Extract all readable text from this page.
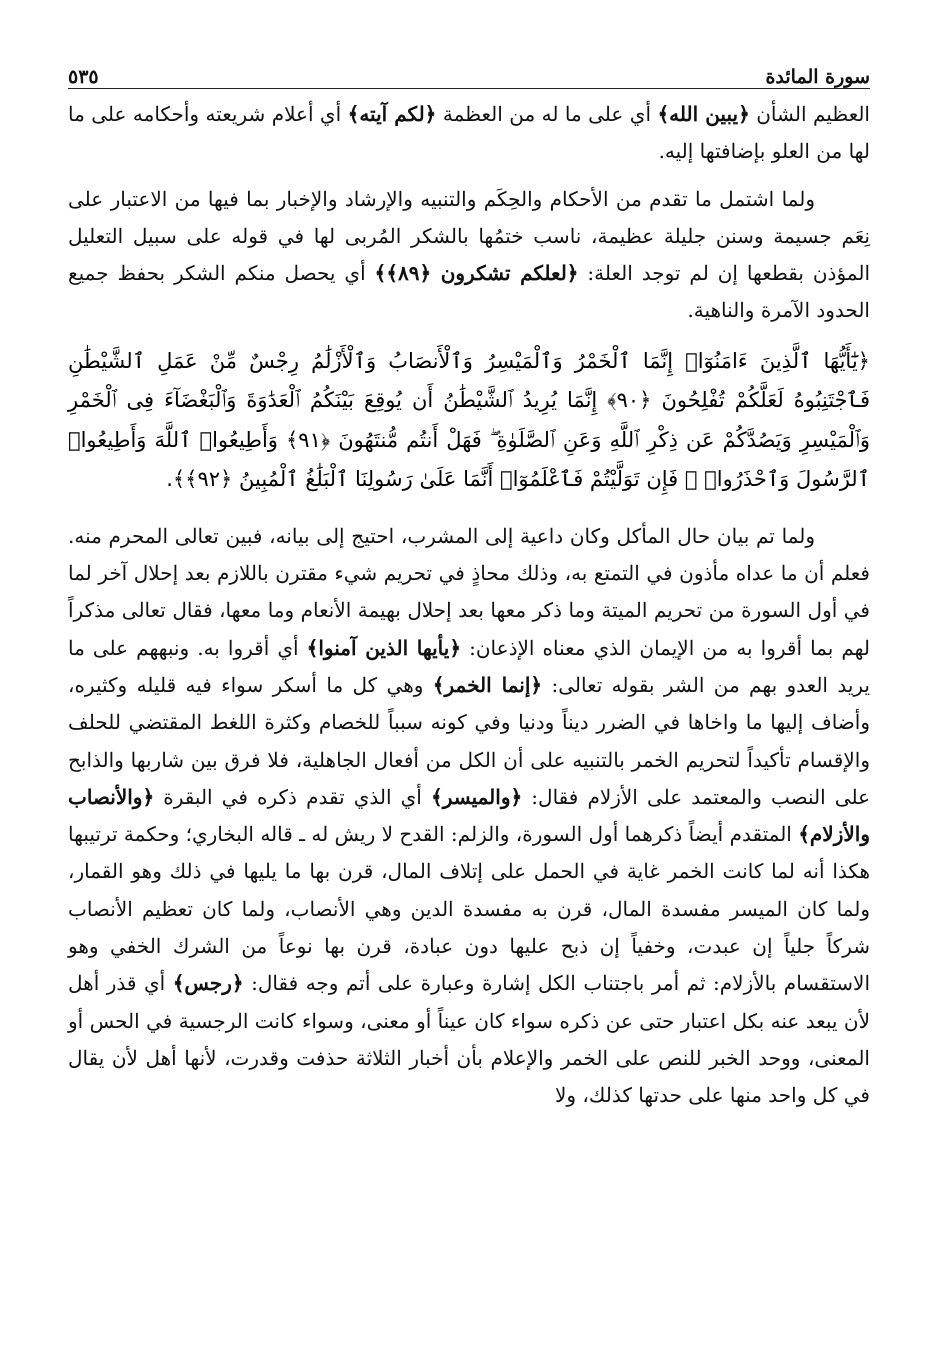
سورة المائدة
٥٣٥

العظيم الشأن ﴿يبين الله﴾ أي على ما له من العظمة ﴿لكم آيته﴾ أي أعلام شريعته وأحكامه على ما لها من العلو بإضافتها إليه.

ولما اشتمل ما تقدم من الأحكام والحِكَم والتنبيه والإرشاد والإخبار بما فيها من الاعتبار على نِعَم جسيمة وسنن جليلة عظيمة، ناسب ختمُها بالشكر المُربى لها في قوله على سبيل التعليل المؤذن بقطعها إن لم توجد العلة: ﴿لعلكم تشكرون ﴿٨٩﴾﴾ أي يحصل منكم الشكر بحفظ جميع الحدود الآمرة والناهية.

﴿يَٰٓأَيُّهَا ٱلَّذِينَ ءَامَنُوٓا۟ إِنَّمَا ٱلْخَمْرُ وَٱلْمَيْسِرُ وَٱلْأَنصَابُ وَٱلْأَزْلَٰمُ رِجْسٌ مِّنْ عَمَلِ ٱلشَّيْطَٰنِ فَٱجْتَنِبُوهُ لَعَلَّكُمْ تُفْلِحُونَ ﴿٩٠﴾ إِنَّمَا يُرِيدُ ٱلشَّيْطَٰنُ أَن يُوقِعَ بَيْنَكُمُ ٱلْعَدَٰوَةَ وَٱلْبَغْضَآءَ فِى ٱلْخَمْرِ وَٱلْمَيْسِرِ وَيَصُدَّكُمْ عَن ذِكْرِ ٱللَّهِ وَعَنِ ٱلصَّلَوٰةِ ۖ فَهَلْ أَنتُم مُّنتَهُونَ ﴿٩١﴾ وَأَطِيعُوا۟ ٱللَّهَ وَأَطِيعُوا۟ ٱلرَّسُولَ وَٱحْذَرُوا۟ ۚ فَإِن تَوَلَّيْتُمْ فَٱعْلَمُوٓا۟ أَنَّمَا عَلَىٰ رَسُولِنَا ٱلْبَلَٰغُ ٱلْمُبِينُ ﴿٩٢﴾﴾.

ولما تم بيان حال المأكل وكان داعية إلى المشرب، احتيج إلى بيانه، فبين تعالى المحرم منه. فعلم أن ما عداه مأذون في التمتع به، وذلك محاذٍ في تحريم شيء مقترن باللازم بعد إحلال آخر لما في أول السورة من تحريم الميتة وما ذكر معها بعد إحلال بهيمة الأنعام وما معها، فقال تعالى مذكراً لهم بما أقروا به من الإيمان الذي معناه الإذعان: ﴿يأيها الذين آمنوا﴾ أي أقروا به. ونبههم على ما يريد العدو بهم من الشر بقوله تعالى: ﴿إنما الخمر﴾ وهي كل ما أسكر سواء فيه قليله وكثيره، وأضاف إليها ما واخاها في الضرر ديناً ودنيا وفي كونه سبباً للخصام وكثرة اللغط المقتضي للحلف والإقسام تأكيداً لتحريم الخمر بالتنبيه على أن الكل من أفعال الجاهلية، فلا فرق بين شاربها والذابح على النصب والمعتمد على الأزلام فقال: ﴿والميسر﴾ أي الذي تقدم ذكره في البقرة ﴿والأنصاب والأزلام﴾ المتقدم أيضاً ذكرهما أول السورة، والزلم: القدح لا ريش له ـ قاله البخاري؛ وحكمة ترتيبها هكذا أنه لما كانت الخمر غاية في الحمل على إتلاف المال، قرن بها ما يليها في ذلك وهو القمار، ولما كان الميسر مفسدة المال، قرن به مفسدة الدين وهي الأنصاب، ولما كان تعظيم الأنصاب شركاً جلياً إن عبدت، وخفياً إن ذبح عليها دون عبادة، قرن بها نوعاً من الشرك الخفي وهو الاستقسام بالأزلام: ثم أمر باجتناب الكل إشارة وعبارة على أتم وجه فقال: ﴿رجس﴾ أي قذر أهل لأن يبعد عنه بكل اعتبار حتى عن ذكره سواء كان عيناً أو معنى، وسواء كانت الرجسية في الحس أو المعنى، ووحد الخبر للنص على الخمر والإعلام بأن أخبار الثلاثة حذفت وقدرت، لأنها أهل لأن يقال في كل واحد منها على حدتها كذلك، ولا
